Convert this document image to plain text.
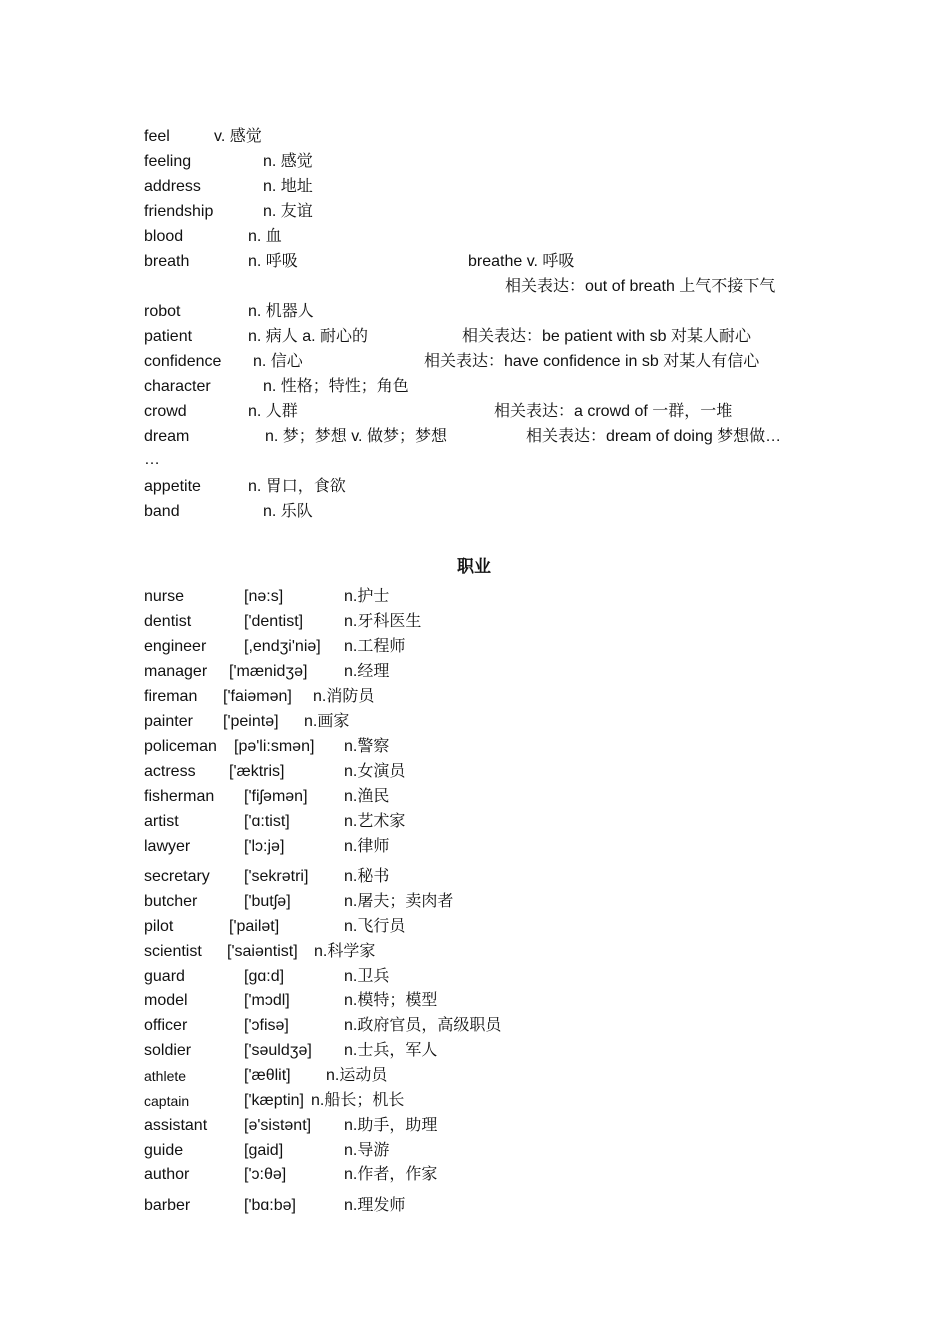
feel	v. 感觉
feeling	n. 感觉
address	n. 地址
friendship	n. 友谊
blood	n. 血
breath	n. 呼吸	breathe v. 呼吸
相关表达：out of breath 上气不接下气
robot	n. 机器人
patient	n. 病人 a. 耐心的	相关表达：be patient with sb 对某人耐心
confidence n. 信心	相关表达：have confidence in sb 对某人有信心
character	n. 性格；特性；角色
crowd	n. 人群	相关表达：a crowd of 一群，一堆
dream	n. 梦；梦想 v. 做梦；梦想	相关表达：dream of doing 梦想做…
…
appetite	n. 胃口，食欲
band	n. 乐队
职业
nurse	[nə:s]	n.护士
dentist	['dentist]	n.牙科医生
engineer [,endʒi'niə] n.工程师
manager ['mænidʒə] n.经理
fireman ['faiəmən] n.消防员
painter ['peintə] n.画家
policeman [pə'li:smən] n.警察
actress ['æktris]	n.女演员
fisherman ['fiʃəmən] n.渔民
artist	['ɑ:tist]	n.艺术家
lawyer	['lɔ:jə]	n.律师
secretary ['sekrətri] n.秘书
butcher	['butʃə]	n.屠夫；卖肉者
pilot	['pailət]	n.飞行员
scientist ['saiəntist] n.科学家
guard	[gɑ:d]	n.卫兵
model	['mɔdl]	n.模特；模型
officer	['ɔfisə]	n.政府官员，高级职员
soldier	['səuldʒə] n.士兵，军人
athlete	['æθlit] n.运动员
captain	['kæptin] n.船长；机长
assistant [ə'sistənt] n.助手，助理
guide	[gaid]	n.导游
author	['ɔ:θə]	n.作者，作家
barber	['bɑ:bə]	n.理发师
